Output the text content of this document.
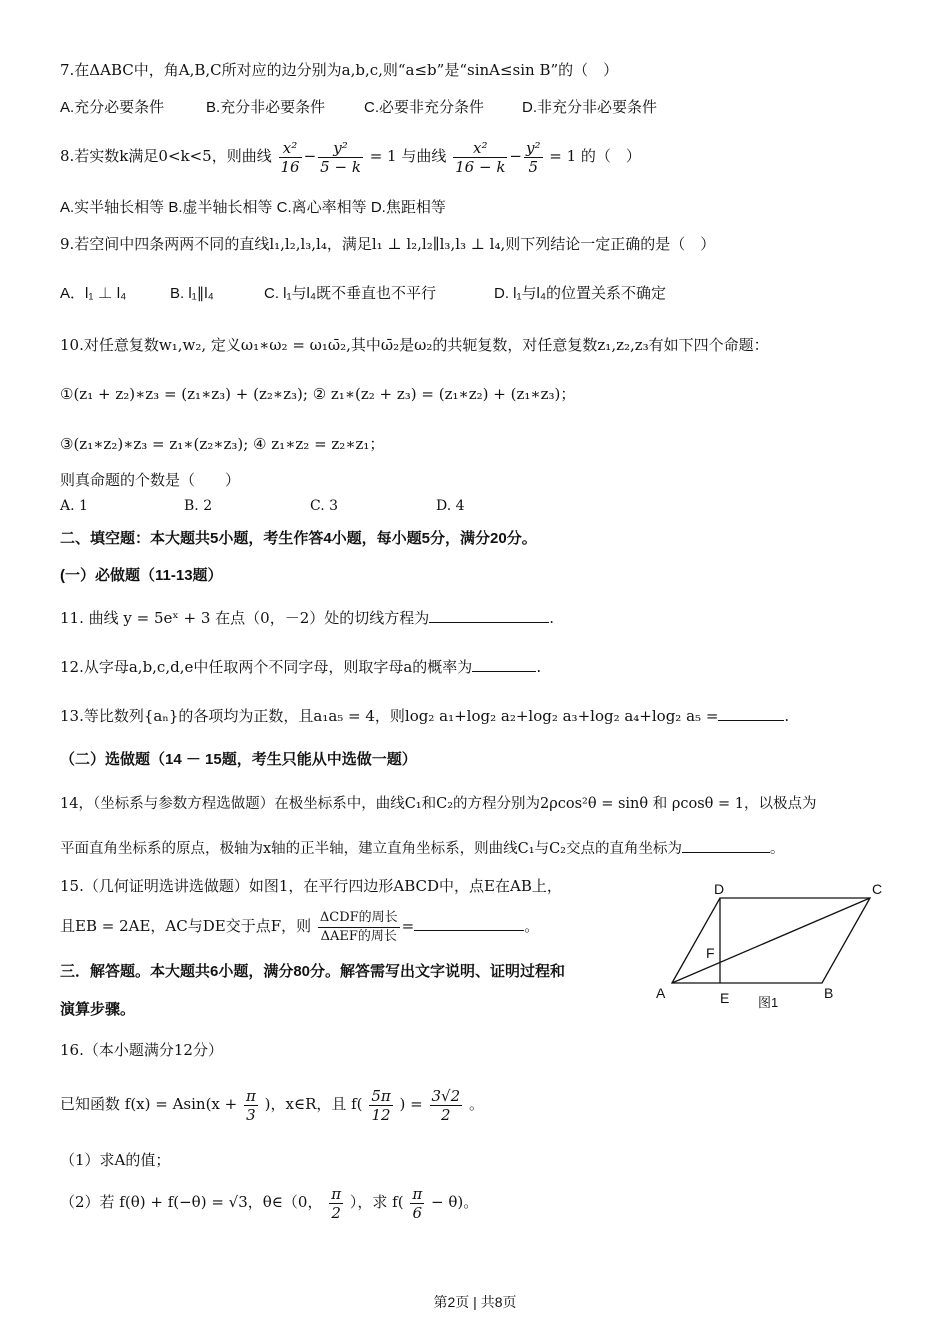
7.在ΔABC中，角A,B,C所对应的边分别为a,b,c,则“a≤b”是“sinA≤sin B”的（　）
A.充分必要条件	B.充分非必要条件	C.必要非充分条件	D.非充分非必要条件
8.若实数k满足0<k<5，则曲线 $\frac{\text{x²}}{16} - \frac{\text{y²}}{5 - k} = 1$ 与曲线 $\frac{\text{x²}}{16 - k} - \frac{\text{y²}}{5} = 1$ 的（　）
A.实半轴长相等 B.虚半轴长相等 C.离心率相等 D.焦距相等
9.若空间中四条两两不同的直线l₁,l₂,l₃,l₄，满足l₁ ⊥ l₂,l₂∥l₃,l₃ ⊥ l₄,则下列结论一定正确的是（　）
A．l₁ ⊥ l₄	B. l₁∥l₄	C. l₁与l₄既不垂直也不平行	D. l₁与l₄的位置关系不确定
10.对任意复数w₁,w₂, 定义ω₁∗ω₂ = ω₁ω̄₂,其中ω̄₂是ω₂的共轭复数，对任意复数z₁,z₂,z₃有如下四个命题：
①(z₁ + z₂)∗z₃ = (z₁∗z₃) + (z₂∗z₃); ② z₁∗(z₂ + z₃) = (z₁∗z₂) + (z₁∗z₃)；
③(z₁∗z₂)∗z₃ = z₁∗(z₂∗z₃); ④ z₁∗z₂ = z₂∗z₁；
则真命题的个数是（　　）
A. 1	B. 2	C. 3	D. 4
二、填空题：本大题共5小题，考生作答4小题，每小题5分，满分20分。
(一）必做题（11-13题）
11. 曲线 y = 5eˣ + 3 在点（0，－2）处的切线方程为	.
12.从字母a,b,c,d,e中任取两个不同字母，则取字母a的概率为	.
13.等比数列{aₙ}的各项均为正数，且a₁a₅ = 4，则log₂ a₁+log₂ a₂+log₂ a₃+log₂ a₄+log₂ a₅ =	.
（二）选做题（14 － 15题，考生只能从中选做一题）
14，（坐标系与参数方程选做题）在极坐标系中，曲线C₁和C₂的方程分别为2ρcos²θ = sinθ 和 ρcosθ = 1，以极点为
平面直角坐标系的原点，极轴为x轴的正半轴，建立直角坐标系，则曲线C₁与C₂交点的直角坐标为	。
15.（几何证明选讲选做题）如图1，在平行四边形ABCD中，点E在AB上，
且EB = 2AE，AC与DE交于点F，则 $\frac{\text{ΔCDF的周长}}{\text{ΔAEF的周长}}$ =	。
A
D	C
B
E
F
图1
三．解答题。本大题共6小题，满分80分。解答需写出文字说明、证明过程和
演算步骤。
16.（本小题满分12分）
已知函数 $f(x) = Asin(x + \frac{\pi}{3}$ )，x∈R，且 $f( \frac{5\pi}{12}$ ) = $\frac{3√2}{2}$ 。
（1）求A的值；
（2）若 f(θ) + f(−θ) = √3，θ∈（0， $\frac{\pi}{2}$ ），求 $f( \frac{\pi}{6} - \theta)$。
第2页 | 共8页
